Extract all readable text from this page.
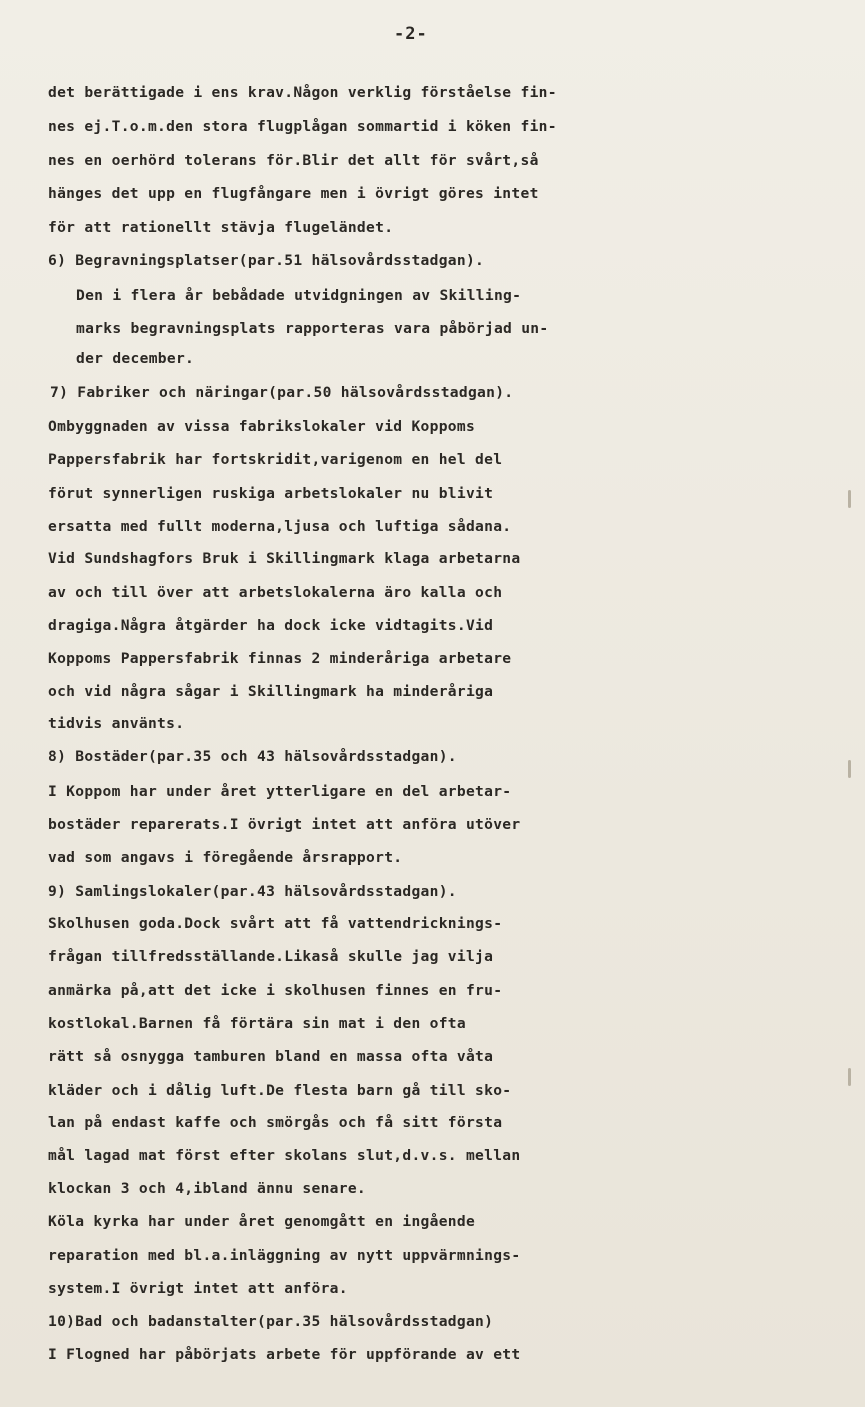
-2-
det berättigade i ens krav.Någon verklig förståelse fin-
nes ej.T.o.m.den stora flugplågan sommartid i köken fin-
nes en oerhörd tolerans för.Blir det allt för svårt,så
hänges det upp en flugfångare men i övrigt göres intet
för att rationellt stävja flugeländet.
6) Begravningsplatser(par.51 hälsovårdsstadgan).
Den i flera år bebådade utvidgningen av Skilling-
marks begravningsplats rapporteras vara påbörjad un-
der december.
7) Fabriker och näringar(par.50 hälsovårdsstadgan).
Ombyggnaden av vissa fabrikslokaler vid Koppoms
Pappersfabrik har fortskridit,varigenom en hel del
förut synnerligen ruskiga arbetslokaler nu blivit
ersatta med fullt moderna,ljusa och luftiga sådana.
Vid Sundshagfors Bruk i Skillingmark klaga arbetarna
av och till över att arbetslokalerna äro kalla och
dragiga.Några åtgärder ha dock icke vidtagits.Vid
Koppoms Pappersfabrik finnas 2 minderåriga arbetare
och vid några sågar i Skillingmark ha minderåriga
tidvis använts.
8) Bostäder(par.35 och 43 hälsovårdsstadgan).
I Koppom har under året ytterligare en del arbetar-
bostäder reparerats.I övrigt intet att anföra utöver
vad som angavs i föregående årsrapport.
9) Samlingslokaler(par.43 hälsovårdsstadgan).
Skolhusen goda.Dock svårt att få vattendricknings-
frågan tillfredsställande.Likaså skulle jag vilja
anmärka på,att det icke i skolhusen finnes en fru-
kostlokal.Barnen få förtära sin mat i den ofta
rätt så osnygga tamburen bland en massa ofta våta
kläder och i dålig luft.De flesta barn gå till sko-
lan på endast kaffe och smörgås och få sitt första
mål lagad mat först efter skolans slut,d.v.s. mellan
klockan 3 och 4,ibland ännu senare.
Köla kyrka har under året genomgått en ingående
reparation med bl.a.inläggning av nytt uppvärmnings-
system.I övrigt intet att anföra.
10)Bad och badanstalter(par.35 hälsovårdsstadgan)
I Flogned har påbörjats arbete för uppförande av ett
